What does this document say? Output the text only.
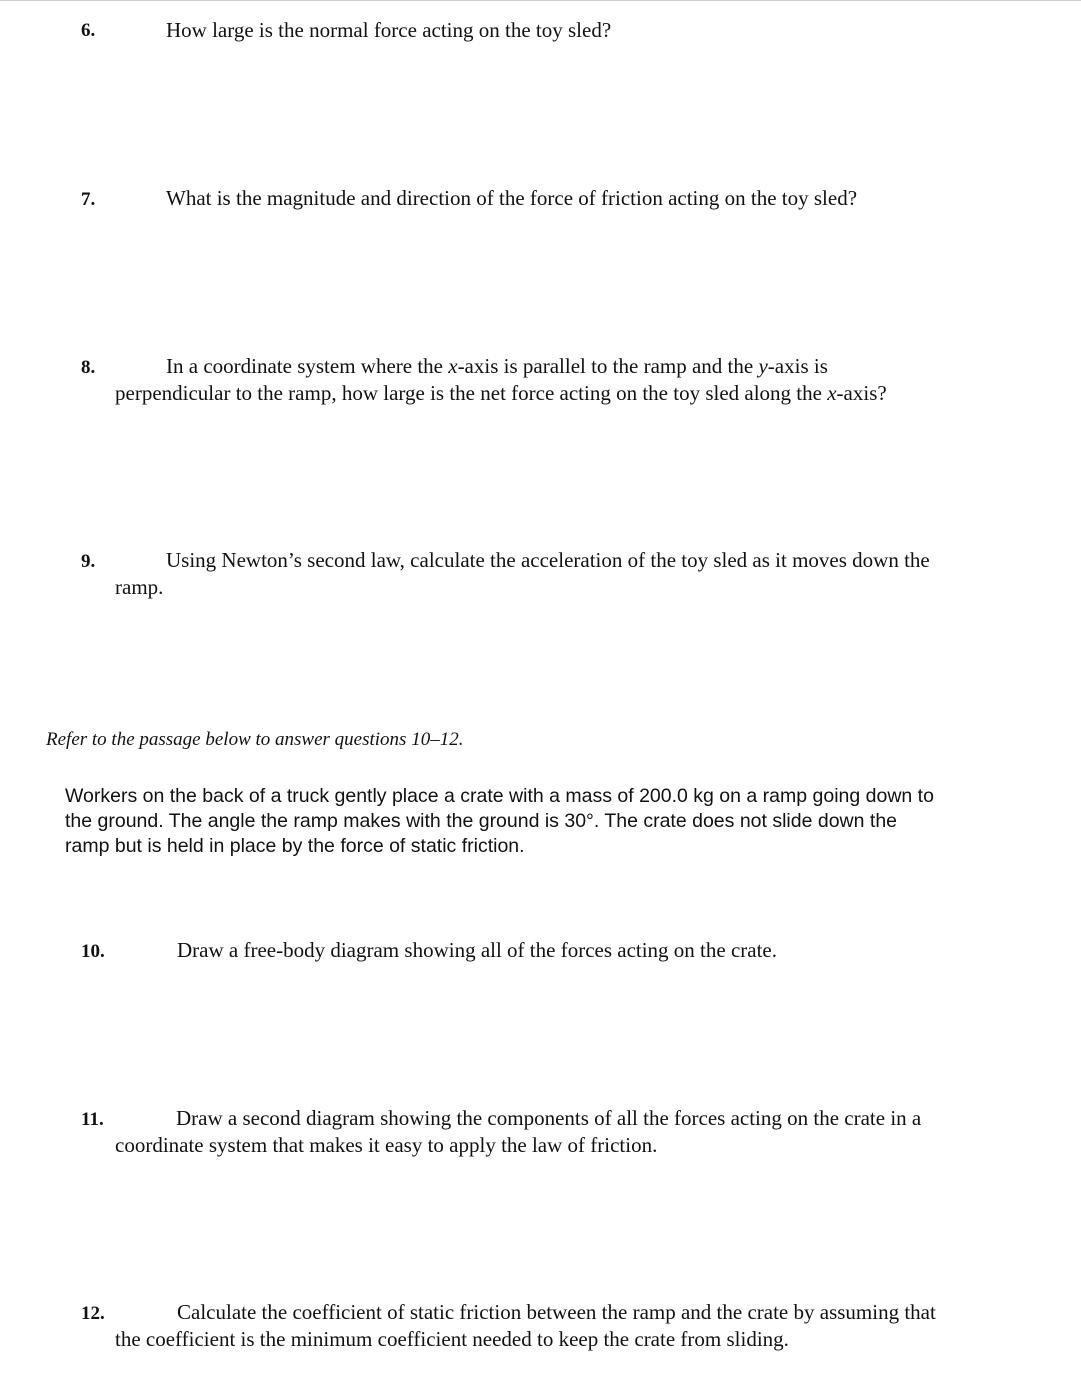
6.	How large is the normal force acting on the toy sled?
7.	What is the magnitude and direction of the force of friction acting on the toy sled?
8.	In a coordinate system where the x-axis is parallel to the ramp and the y-axis is
perpendicular to the ramp, how large is the net force acting on the toy sled along the x-axis?
9.	Using Newton’s second law, calculate the acceleration of the toy sled as it moves down the
ramp.
Refer to the passage below to answer questions 10–12.
Workers on the back of a truck gently place a crate with a mass of 200.0 kg on a ramp going down to
the ground. The angle the ramp makes with the ground is 30°. The crate does not slide down the
ramp but is held in place by the force of static friction.
10.	Draw a free-body diagram showing all of the forces acting on the crate.
11.	Draw a second diagram showing the components of all the forces acting on the crate in a
coordinate system that makes it easy to apply the law of friction.
12.	Calculate the coefficient of static friction between the ramp and the crate by assuming that
the coefficient is the minimum coefficient needed to keep the crate from sliding.
